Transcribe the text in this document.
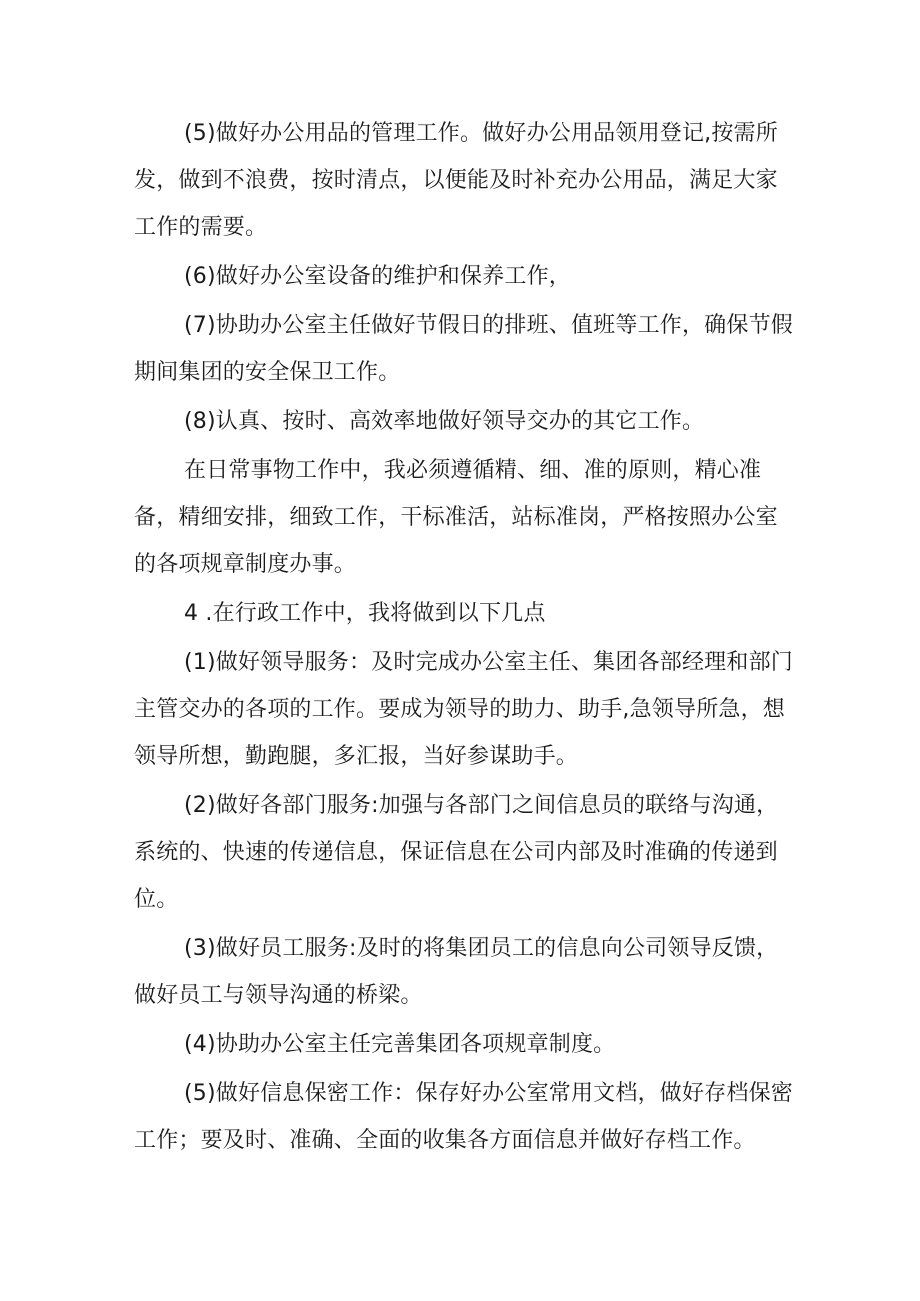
(5)做好办公用品的管理工作。做好办公用品领用登记,按需所发，做到不浪费，按时清点，以便能及时补充办公用品，满足大家工作的需要。

(6)做好办公室设备的维护和保养工作，

(7)协助办公室主任做好节假日的排班、值班等工作，确保节假期间集团的安全保卫工作。

(8)认真、按时、高效率地做好领导交办的其它工作。

在日常事物工作中，我必须遵循精、细、准的原则，精心准备，精细安排，细致工作，干标准活，站标准岗，严格按照办公室的各项规章制度办事。

4 .在行政工作中，我将做到以下几点

(1)做好领导服务：及时完成办公室主任、集团各部经理和部门主管交办的各项的工作。要成为领导的助力、助手,急领导所急，想领导所想，勤跑腿，多汇报，当好参谋助手。

(2)做好各部门服务:加强与各部门之间信息员的联络与沟通，系统的、快速的传递信息，保证信息在公司内部及时准确的传递到位。

(3)做好员工服务:及时的将集团员工的信息向公司领导反馈，做好员工与领导沟通的桥梁。

(4)协助办公室主任完善集团各项规章制度。

(5)做好信息保密工作：保存好办公室常用文档，做好存档保密工作；要及时、准确、全面的收集各方面信息并做好存档工作。
